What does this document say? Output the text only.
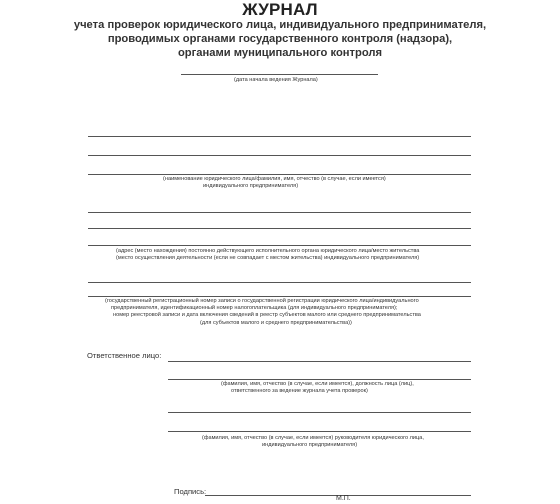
ЖУРНАЛ
учета проверок юридического лица, индивидуального предпринимателя,
проводимых органами государственного контроля (надзора),
органами муниципального контроля
(дата начала ведения Журнала)
(наименование юридического лица/фамилия, имя, отчество (в случае, если имеется)
индивидуального предпринимателя)
(адрес (место нахождения) постоянно действующего исполнительного органа юридического лица/место жительства
(место осуществления деятельности (если не совпадает с местом жительства) индивидуального предпринимателя)
(государственный регистрационный номер записи о государственной регистрации юридического лица/индивидуального
предпринимателя, идентификационный номер налогоплательщика (для индивидуального предпринимателя);
номер реестровой записи и дата включения сведений в реестр субъектов малого или среднего предпринимательства
(для субъектов малого и среднего предпринимательства))
Ответственное лицо:
(фамилия, имя, отчество (в случае, если имеется), должность лица (лиц),
ответственного за ведение журнала учета проверок)
(фамилия, имя, отчество (в случае, если имеется) руководителя юридического лица,
индивидуального предпринимателя)
Подпись:
М.П.
